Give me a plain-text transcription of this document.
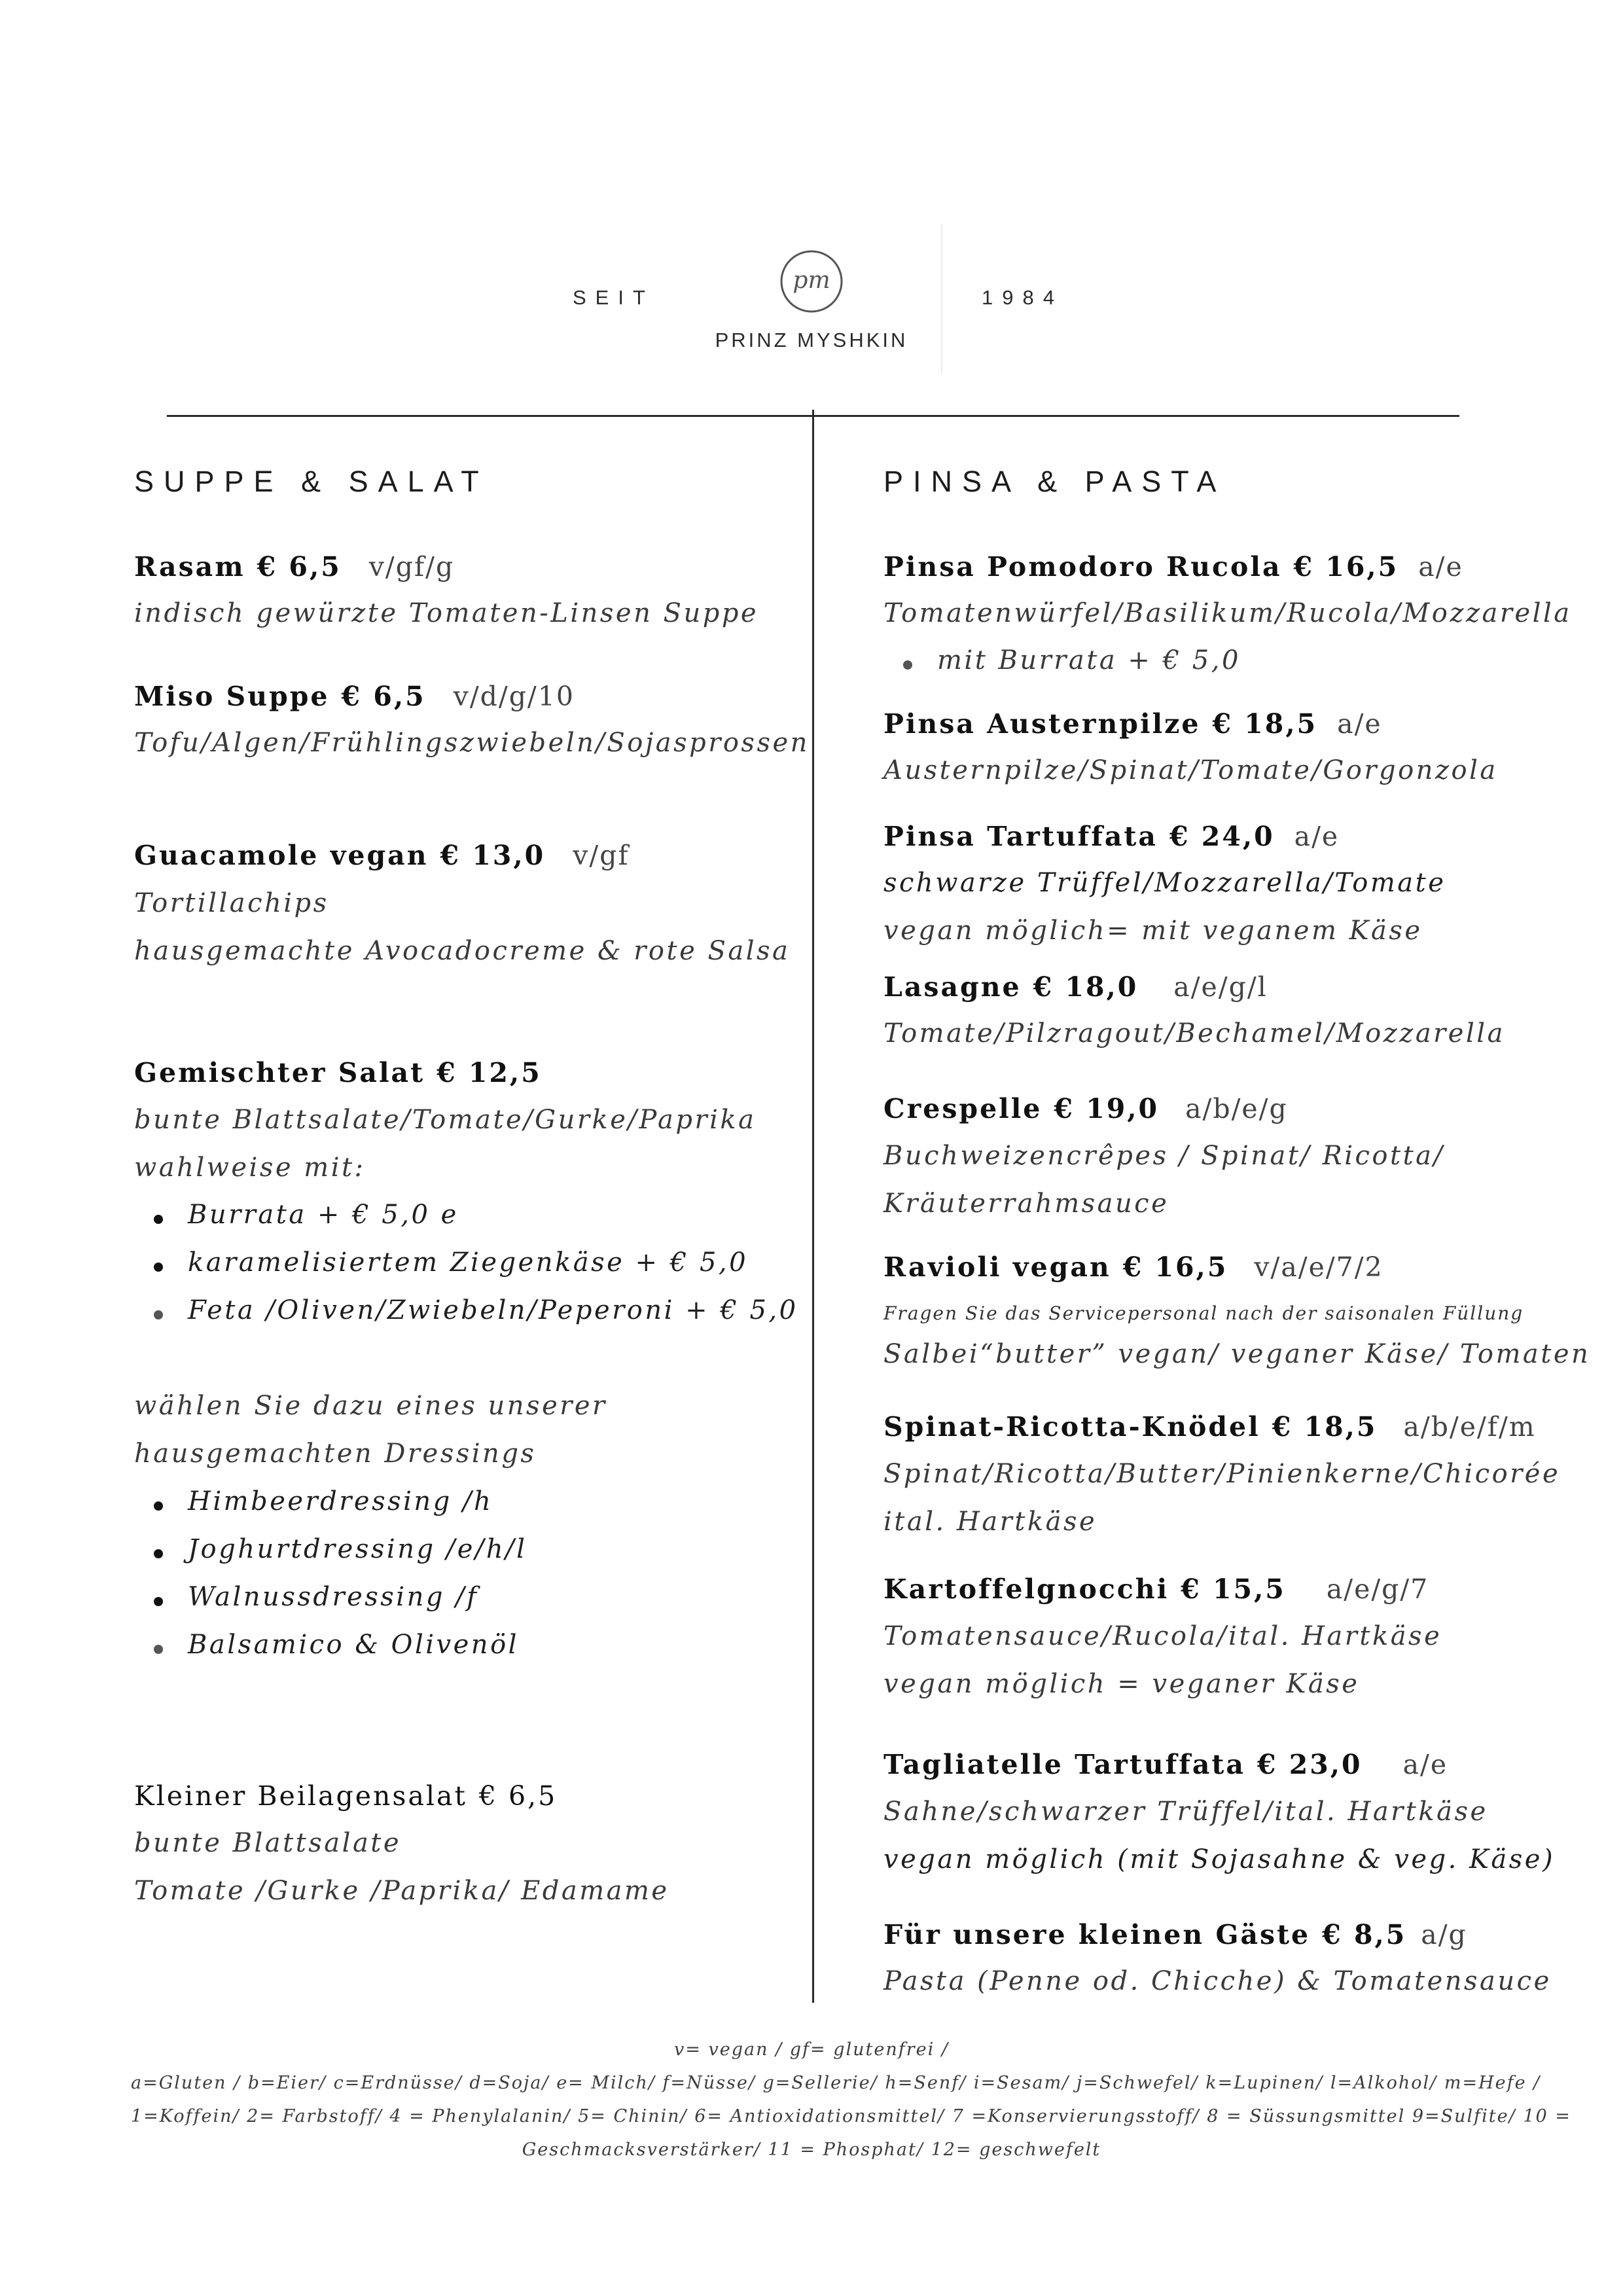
SEIT
pm
1984
PRINZ MYSHKIN
SUPPE & SALAT
Rasam € 6,5 v/gf/g
indisch gewürzte Tomaten-Linsen Suppe
Miso Suppe € 6,5 v/d/g/10
Tofu/Algen/Frühlingszwiebeln/Sojasprossen
Guacamole vegan € 13,0 v/gf
Tortillachips
hausgemachte Avocadocreme & rote Salsa
Gemischter Salat € 12,5
bunte Blattsalate/Tomate/Gurke/Paprika
wahlweise mit:
Burrata + € 5,0 e
karamelisiertem Ziegenkäse + € 5,0
Feta /Oliven/Zwiebeln/Peperoni + € 5,0
wählen Sie dazu eines unserer
hausgemachten Dressings
Himbeerdressing /h
Joghurtdressing /e/h/l
Walnussdressing /f
Balsamico & Olivenöl
Kleiner Beilagensalat € 6,5
bunte Blattsalate
Tomate /Gurke /Paprika/ Edamame
PINSA & PASTA
Pinsa Pomodoro Rucola € 16,5 a/e
Tomatenwürfel/Basilikum/Rucola/Mozzarella
mit Burrata + € 5,0
Pinsa Austernpilze € 18,5 a/e
Austernpilze/Spinat/Tomate/Gorgonzola
Pinsa Tartuffata € 24,0 a/e
schwarze Trüffel/Mozzarella/Tomate
vegan möglich= mit veganem Käse
Lasagne € 18,0 a/e/g/l
Tomate/Pilzragout/Bechamel/Mozzarella
Crespelle € 19,0 a/b/e/g
Buchweizencrêpes / Spinat/ Ricotta/
Kräuterrahmsauce
Ravioli vegan € 16,5 v/a/e/7/2
Fragen Sie das Servicepersonal nach der saisonalen Füllung
Salbei“butter” vegan/ veganer Käse/ Tomaten
Spinat-Ricotta-Knödel € 18,5 a/b/e/f/m
Spinat/Ricotta/Butter/Pinienkerne/Chicorée
ital. Hartkäse
Kartoffelgnocchi € 15,5 a/e/g/7
Tomatensauce/Rucola/ital. Hartkäse
vegan möglich = veganer Käse
Tagliatelle Tartuffata € 23,0 a/e
Sahne/schwarzer Trüffel/ital. Hartkäse
vegan möglich (mit Sojasahne & veg. Käse)
Für unsere kleinen Gäste € 8,5 a/g
Pasta (Penne od. Chicche) & Tomatensauce
v= vegan / gf= glutenfrei /
a=Gluten / b=Eier/ c=Erdnüsse/ d=Soja/ e= Milch/ f=Nüsse/ g=Sellerie/ h=Senf/ i=Sesam/ j=Schwefel/ k=Lupinen/ l=Alkohol/ m=Hefe /
1=Koffein/ 2= Farbstoff/ 4 = Phenylalanin/ 5= Chinin/ 6= Antioxidationsmittel/ 7 =Konservierungsstoff/ 8 = Süssungsmittel 9=Sulfite/ 10 =
Geschmacksverstärker/ 11 = Phosphat/ 12= geschwefelt
